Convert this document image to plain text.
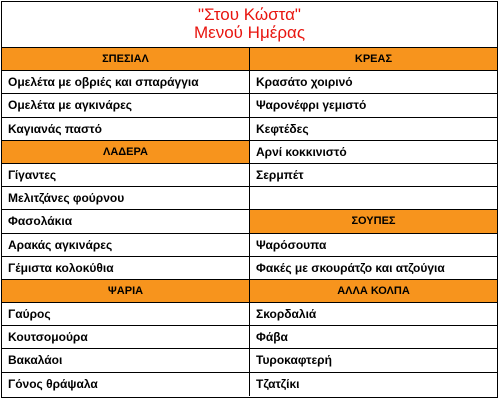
"Στου Κώστα"
Μενού Ημέρας
ΣΠΕΣΙΑΛ
Ομελέτα με οβριές και σπαράγγια
Ομελέτα με αγκινάρες
Καγιανάς παστό
ΛΑΔΕΡΑ
Γίγαντες
Μελιτζάνες φούρνου
Φασολάκια
Αρακάς αγκινάρες
Γέμιστα κολοκύθια
ΨΑΡΙΑ
Γαύρος
Κουτσομούρα
Βακαλάοι
Γόνος θράψαλα
ΚΡΕΑΣ
Κρασάτο χοιρινό
Ψαρονέφρι γεμιστό
Κεφτέδες
Αρνί κοκκινιστό
Σερμπέτ
ΣΟΥΠΕΣ
Ψαρόσουπα
Φακές με σκουράτζο και ατζούγια
ΑΛΛΑ ΚΟΛΠΑ
Σκορδαλιά
Φάβα
Τυροκαφτερή
Τζατζίκι
